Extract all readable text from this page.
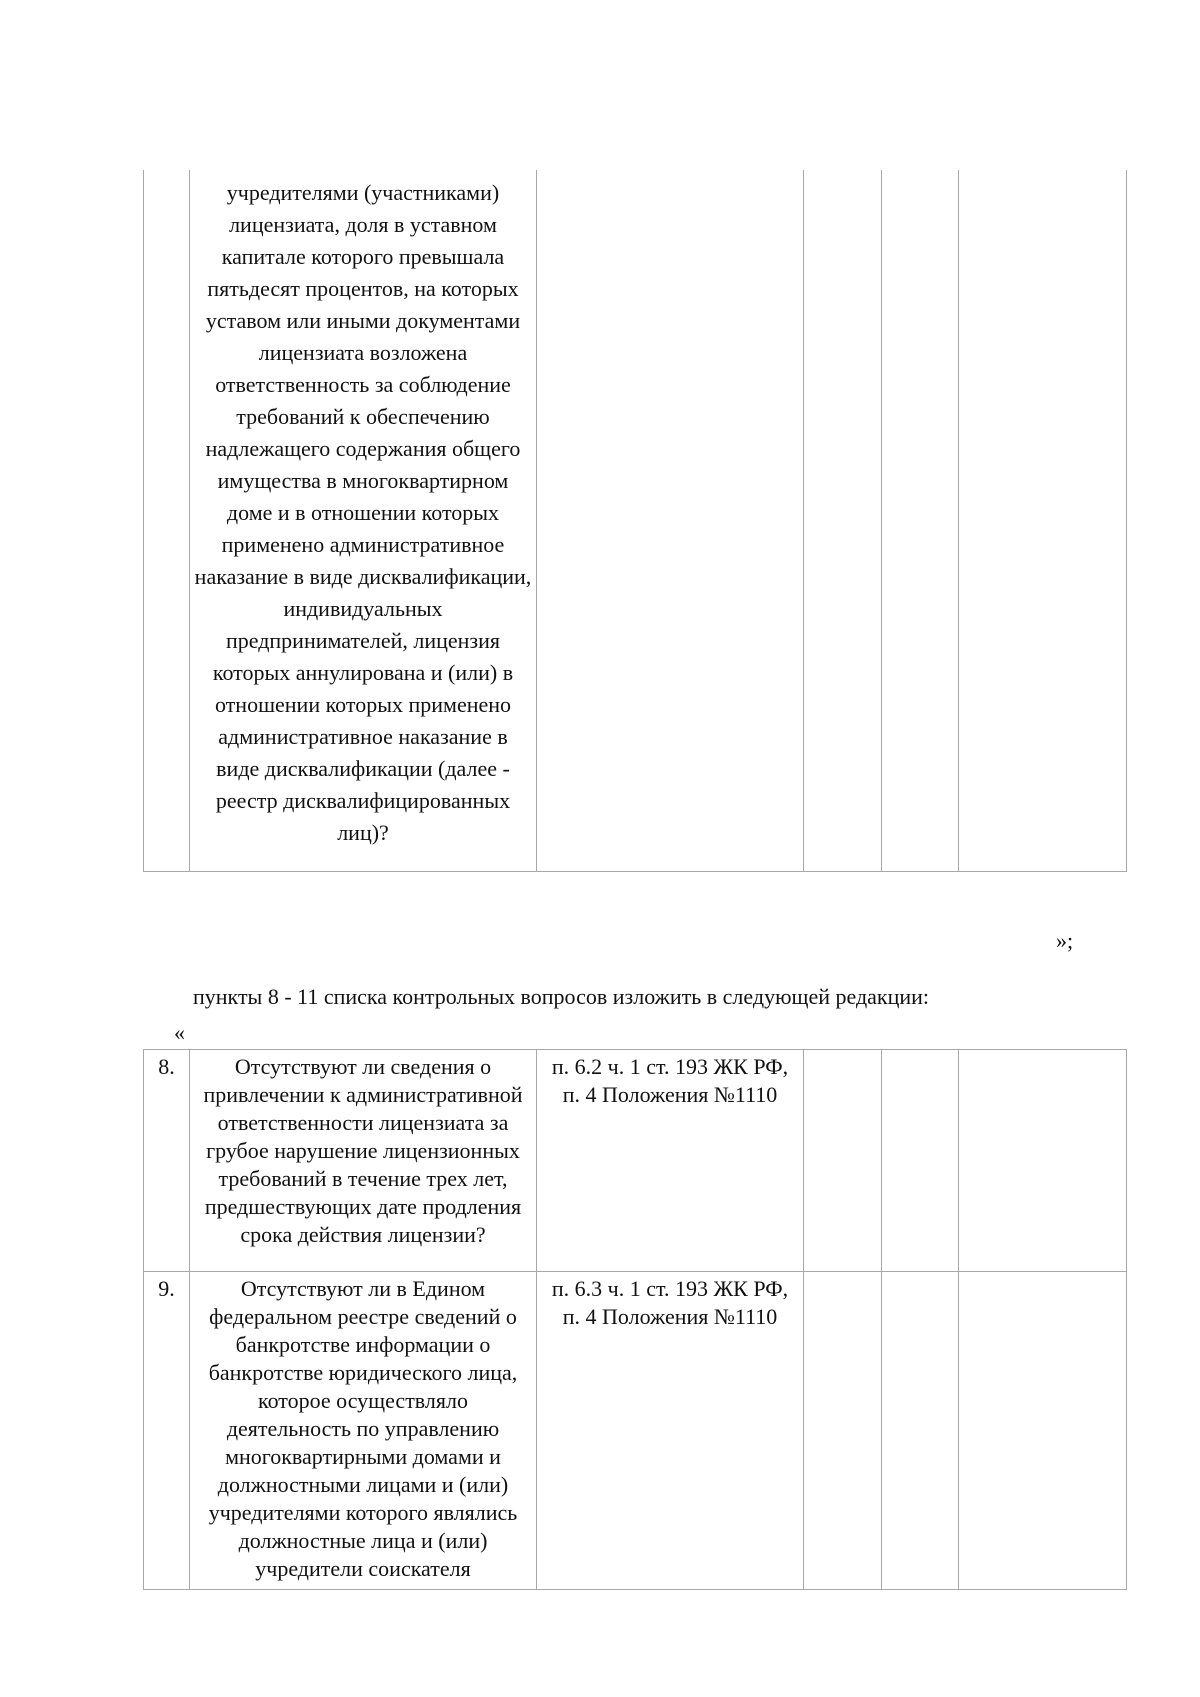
учредителями (участниками) лицензиата, доля в уставном капитале которого превышала пятьдесят процентов, на которых уставом или иными документами лицензиата возложена ответственность за соблюдение требований к обеспечению надлежащего содержания общего имущества в многоквартирном доме и в отношении которых применено административное наказание в виде дисквалификации, индивидуальных предпринимателей, лицензия которых аннулирована и (или) в отношении которых применено административное наказание в виде дисквалификации (далее - реестр дисквалифицированных лиц)?

»;
пункты 8 - 11 списка контрольных вопросов изложить в следующей редакции:
«
8.	Отсутствуют ли сведения о привлечении к административной ответственности лицензиата за грубое нарушение лицензионных требований в течение трех лет, предшествующих дате продления срока действия лицензии?	п. 6.2 ч. 1 ст. 193 ЖК РФ, п. 4 Положения №1110			

9.	Отсутствуют ли в Едином федеральном реестре сведений о банкротстве информации о банкротстве юридического лица, которое осуществляло деятельность по управлению многоквартирными домами и должностными лицами и (или) учредителями которого являлись должностные лица и (или) учредители соискателя	п. 6.3 ч. 1 ст. 193 ЖК РФ, п. 4 Положения №1110			
